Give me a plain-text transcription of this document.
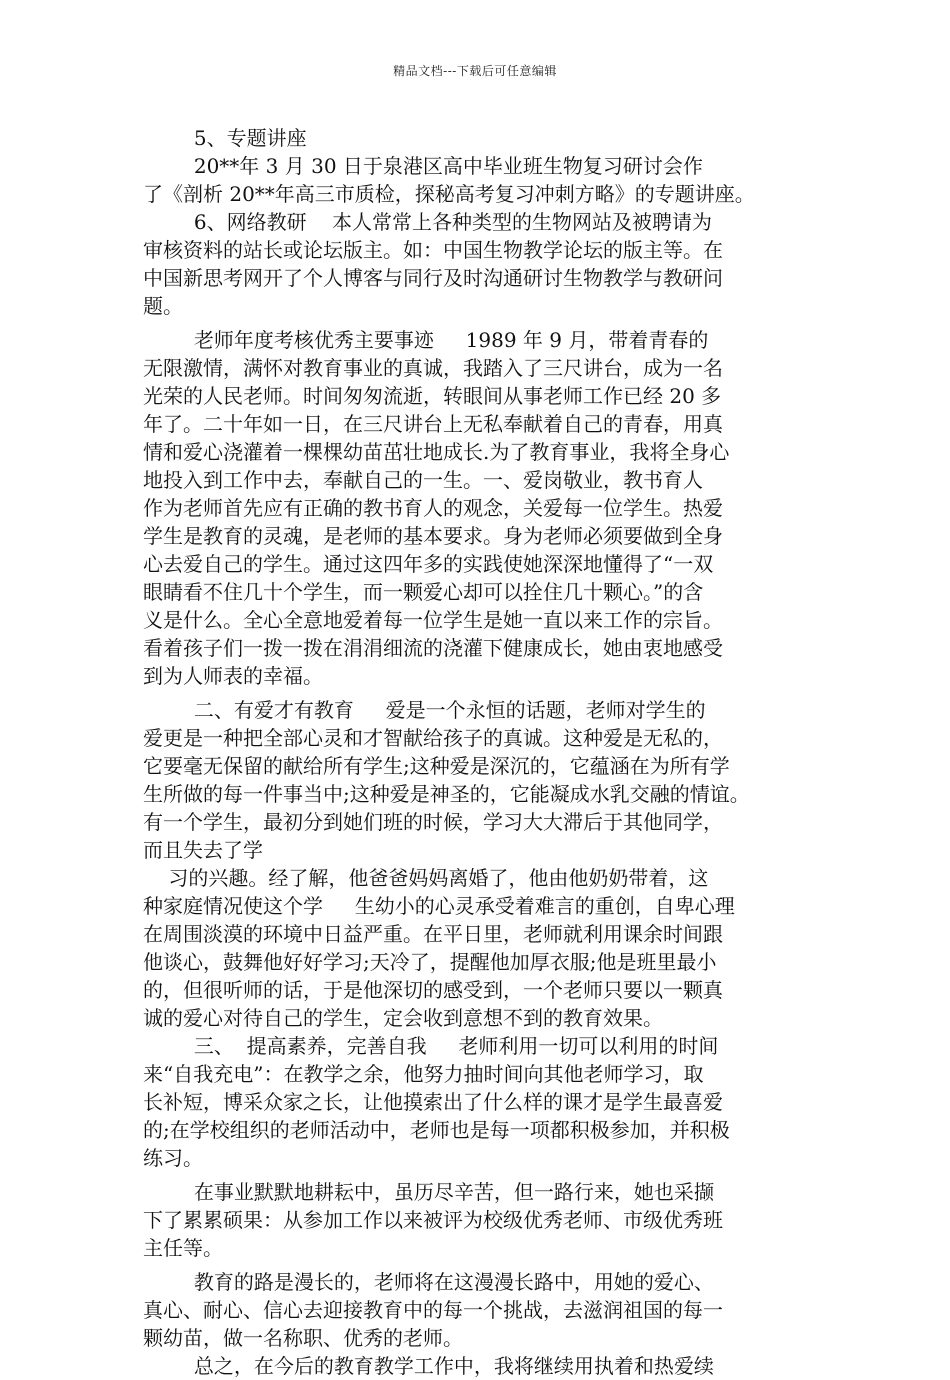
精品文档---下载后可任意编辑
5、专题讲座
20**年 3 月 30 日于泉港区高中毕业班生物复习研讨会作
了《剖析 20**年高三市质检，探秘高考复习冲刺方略》的专题讲座。
6、网络教研    本人常常上各种类型的生物网站及被聘请为
审核资料的站长或论坛版主。如：中国生物教学论坛的版主等。在
中国新思考网开了个人博客与同行及时沟通研讨生物教学与教研问
题。
老师年度考核优秀主要事迹     1989 年 9 月，带着青春的
无限激情，满怀对教育事业的真诚，我踏入了三尺讲台，成为一名
光荣的人民老师。时间匆匆流逝，转眼间从事老师工作已经 20 多
年了。二十年如一日，在三尺讲台上无私奉献着自己的青春，用真
情和爱心浇灌着一棵棵幼苗茁壮地成长.为了教育事业，我将全身心
地投入到工作中去，奉献自己的一生。一、爱岗敬业，教书育人
作为老师首先应有正确的教书育人的观念，关爱每一位学生。热爱
学生是教育的灵魂，是老师的基本要求。身为老师必须要做到全身
心去爱自己的学生。通过这四年多的实践使她深深地懂得了“一双
眼睛看不住几十个学生，而一颗爱心却可以拴住几十颗心。”的含
义是什么。全心全意地爱着每一位学生是她一直以来工作的宗旨。
看着孩子们一拨一拨在涓涓细流的浇灌下健康成长，她由衷地感受
到为人师表的幸福。
二、有爱才有教育     爱是一个永恒的话题，老师对学生的
爱更是一种把全部心灵和才智献给孩子的真诚。这种爱是无私的，
它要毫无保留的献给所有学生;这种爱是深沉的，它蕴涵在为所有学
生所做的每一件事当中;这种爱是神圣的，它能凝成水乳交融的情谊。
有一个学生，最初分到她们班的时候，学习大大滞后于其他同学，
而且失去了学
习的兴趣。经了解，他爸爸妈妈离婚了，他由他奶奶带着，这
种家庭情况使这个学     生幼小的心灵承受着难言的重创，自卑心理
在周围淡漠的环境中日益严重。在平日里，老师就利用课余时间跟
他谈心，鼓舞他好好学习;天冷了，提醒他加厚衣服;他是班里最小
的，但很听师的话，于是他深切的感受到，一个老师只要以一颗真
诚的爱心对待自己的学生，定会收到意想不到的教育效果。
三、  提高素养，完善自我     老师利用一切可以利用的时间
来“自我充电”：在教学之余，他努力抽时间向其他老师学习，取
长补短，博采众家之长，让他摸索出了什么样的课才是学生最喜爱
的;在学校组织的老师活动中，老师也是每一项都积极参加，并积极
练习。
在事业默默地耕耘中，虽历尽辛苦，但一路行来，她也采撷
下了累累硕果：从参加工作以来被评为校级优秀老师、市级优秀班
主任等。
教育的路是漫长的，老师将在这漫漫长路中，用她的爱心、
真心、耐心、信心去迎接教育中的每一个挑战，去滋润祖国的每一
颗幼苗，做一名称职、优秀的老师。
总之，在今后的教育教学工作中，我将继续用执着和热爱续
